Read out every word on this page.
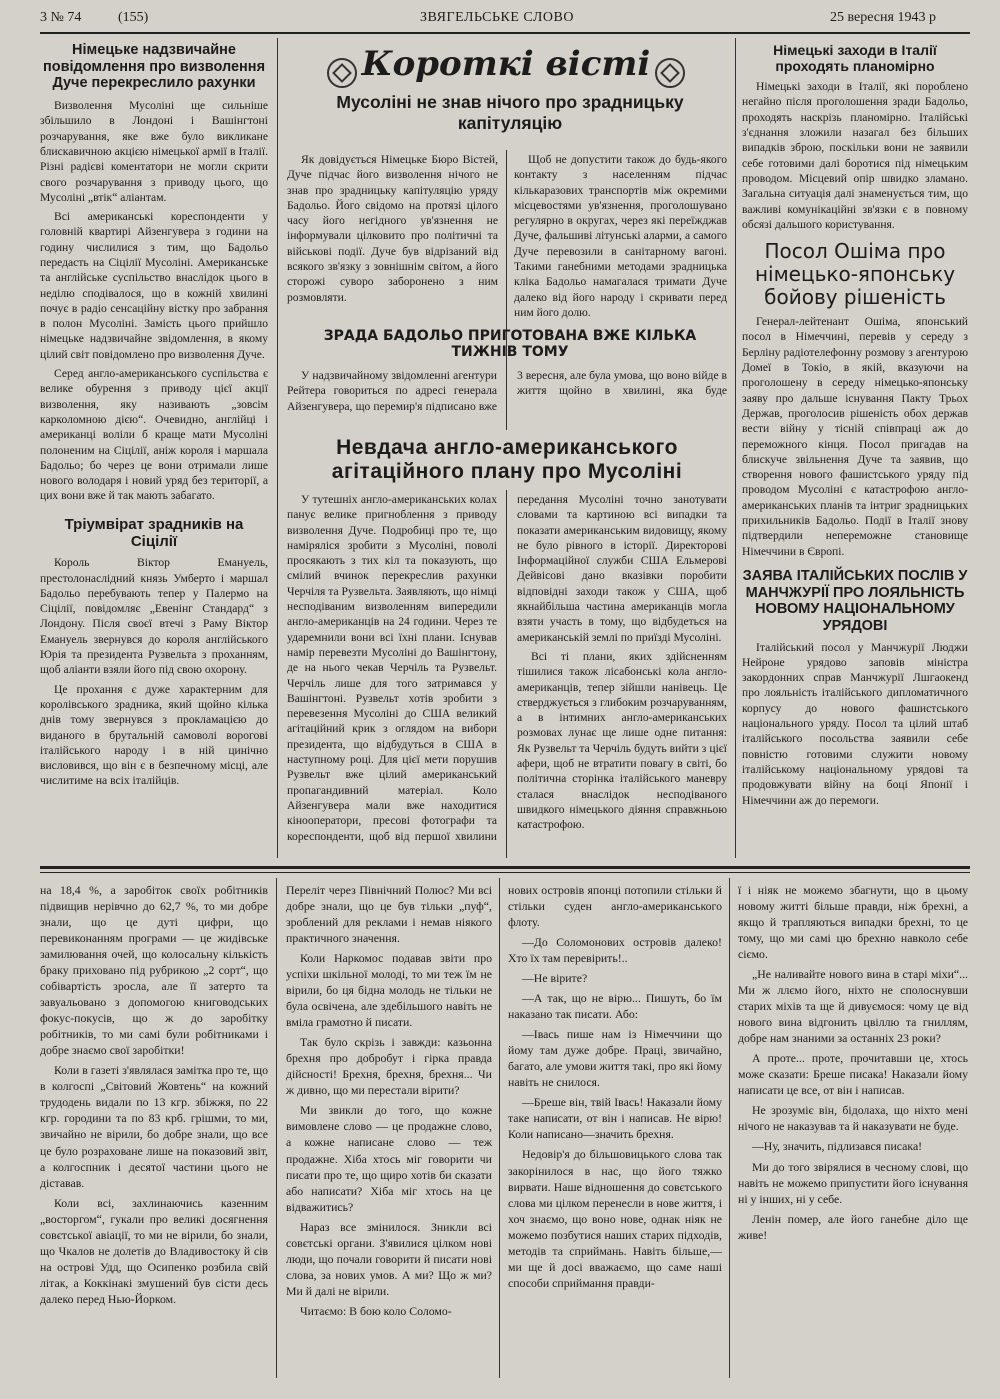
3 № 74	(155)	ЗВЯГЕЛЬСЬКЕ СЛОВО	25 вересня 1943 р
Німецьке надзвичайне повідомлення про визволення Дуче перекреслило рахунки

Визволення Мусоліні ще сильніше збільшило в Лондоні і Вашінгтоні розчарування, яке вже було викликане блискавичною акцією німецької армії в Італії. Різні радієві коментатори не могли скрити свого розчарування з приводу цього, що Мусоліні „втік“ аліантам.

Всі американські кореспонденти у головній квартирі Айзенгувера з години на годину числилися з тим, що Бадольо передасть на Сіцілії Мусоліні. Американське та англійське суспільство внаслідок цього в неділю сподівалося, що в кожній хвилині почує в радіо сенсаційну вістку про забрання в полон Мусоліні. Замість цього прийшло німецьке надзвичайне звідомлення, в якому цілий світ повідомлено про визволення Дуче.

Серед англо-американського суспільства є велике обурення з приводу цієї акції визволення, яку називають „зовсім карколомною дією“. Очевидно, англійці і американці воліли б краще мати Мусоліні полоненим на Сіцілії, аніж короля і маршала Бадольо; бо через це вони отримали лише нового володаря і новий уряд без території, а цих вони вже й так мають забагато.

Тріумвірат зрадників на Сіцілії

Король Віктор Емануель, престолонаслідний князь Умберто і маршал Бадольо перебувають тепер у Палермо на Сіцілії, повідомляє „Евенінг Стандард“ з Лондону. Після своєї втечі з Раму Віктор Емануель звернувся до короля англійського Юрія та президента Рузвельта з проханням, щоб аліанти взяли його під свою охорону.

Це прохання є дуже характерним для королівського зрадника, який щойно кілька днів тому звернувся з прокламацією до виданого в брутальній самоволі ворогові італійського народу і в ній цинічно висловився, що він є в безпечному місці, але числитиме на всіх італійців.

Короткі вісті
Мусоліні не знав нічого про зрадницьку капітуляцію

Як довідується Німецьке Бюро Вістей, Дуче підчас його визволення нічого не знав про зрадницьку капітуляцію уряду Бадольо. Його свідомо на протязі цілого часу його негідного ув'язнення не інформували цілковито про політичні та військові події. Дуче був відрізаний від всякого зв'язку з зовнішнім світом, а його сторожі суворо заборонено з ним розмовляти.

Щоб не допустити також до будь-якого контакту з населенням підчас кількаразових транспортів між окремими місцевостями ув'язнення, проголошувано регулярно в округах, через які переїжджав Дуче, фальшиві літунські аларми, а самого Дуче перевозили в санітарному вагоні. Такими ганебними методами зрадницька кліка Бадольо намагалася тримати Дуче далеко від його народу і скривати перед ним його долю.

ЗРАДА БАДОЛЬО ПРИГОТОВАНА ВЖЕ КІЛЬКА ТИЖНІВ ТОМУ

У надзвичайному звідомленні агентури Рейтера говориться по адресі генерала Айзенгувера, що перемир'я підписано вже 3 вересня, але була умова, що воно війде в життя щойно в хвилині, яка буде

Невдача англо-американського агітаційного плану про Мусоліні

У тутешніх англо-американських колах панує велике пригноблення з приводу визволення Дуче. Подробиці про те, що наміряліся зробити з Мусоліні, поволі просякають з тих кіл та показують, що смілий вчинок перекреслив рахунки Черчіля та Рузвельта. Заявляють, що німці несподіваним визволенням випередили англо-американців на 24 години. Через те ударемнили вони всі їхні плани. Існував намір перевезти Мусоліні до Вашінгтону, де на нього чекав Черчіль та Рузвельт. Черчіль лише для того затримався у Вашінгтоні. Рузвельт хотів зробити з перевезення Мусоліні до США великий агітаційний крик з оглядом на вибори президента, що відбудуться в США в наступному році. Для цієї мети порушив Рузвельт вже цілий американський пропагандивний матеріал. Коло Айзенгувера мали вже находитися кінооператори, пресові фотографи та кореспонденти, щоб від першої хвилини передання Мусоліні точно занотувати словами та картиною всі випадки та показати американським видовищу, якому не було рівного в історії. Директорові Інформаційної служби США Ельмерові Дейвісові дано вказівки поробити відповідні заходи також у США, щоб якнайбільша частина американців могла взяти участь в тому, що відбудеться на американській землі по приїзді Мусоліні.

Всі ті плани, яких здійсненням тішилися також лісабонські кола англо-американців, тепер зійшли нанівець. Це стверджується з глибоким розчаруванням, а в інтимних англо-американських розмовах лунає ще лише одне питання: Як Рузвельт та Черчіль будуть вийти з цієї афери, щоб не втратити повагу в світі, бо політична сторінка італійського маневру сталася внаслідок несподіваного швидкого німецького діяння справжньою катастрофою.

Німецькі заходи в Італії проходять планомірно

Німецькі заходи в Італії, які пороблено негайно після проголошення зради Бадольо, проходять наскрізь планомірно. Італійські з'єднання зложили назагал без більших випадків зброю, поскільки вони не заявили себе готовими далі боротися під німецьким проводом. Місцевий опір швидко зламано. Загальна ситуація далі знаменується тим, що важливі комунікаційні зв'язки є в повному обсязі дальшого користування.

Посол Ошіма про німецько-японську бойову рішеність

Генерал-лейтенант Ошіма, японський посол в Німеччині, перевів у середу з Берліну радіотелефонну розмову з агентурою Домеї в Токіо, в якій, вказуючи на проголошену в середу німецько-японську заяву про дальше існування Пакту Трьох Держав, проголосив рішеність обох держав вести війну у тісній співпраці аж до переможного кінця. Посол пригадав на блискуче звільнення Дуче та заявив, що створення нового фашистського уряду під проводом Мусоліні є катастрофою англо-американських планів та інтриг зрадницьких прихильників Бадольо. Події в Італії знову підтвердили непереможне становище Німеччини в Європі.

ЗАЯВА ІТАЛІЙСЬКИХ ПОСЛІВ У МАНЧЖУРІЇ ПРО ЛОЯЛЬНІСТЬ НОВОМУ НАЦІОНАЛЬНОМУ УРЯДОВІ

Італійський посол у Манчжурії Люджи Нейроне урядово заповів міністра закордонних справ Манчжурії Лшгаокенд про лояльність італійського дипломатичного корпусу до нового фашистського національного уряду. Посол та цілий штаб італійського посольства заявили себе повністю готовими служити новому італійському національному урядові та продовжувати війну на боці Японії і Німеччини аж до перемоги.

на 18,4 %, а заробіток своїх робітників підвищив нерівчно до 62,7 %, то ми добре знали, що це дуті цифри, що перевиконанням програми — це жидівське замилювання очей, що колосальну кількість браку приховано під рубрикою „2 сорт“, що собівартість зросла, але її затерто та завуальовано з допомогою книговодських фокус-покусів, що ж до заробітку робітників, то ми самі були робітниками і добре знаємо свої заробітки!

Коли в газеті з'являлася замітка про те, що в колгоспі „Світовий Жовтень“ на кожний трудодень видали по 13 кгр. збіжжя, по 22 кгр. городини та по 83 крб. грішми, то ми, звичайно не вірили, бо добре знали, що все це було розраховане лише на показовий звіт, а колгоспник і десятої частини цього не діставав.

Коли всі, захлинаючись казенним „восторгом“, гукали про великі досягнення совєтської авіації, то ми не вірили, бо знали, що Чкалов не долетів до Владивостоку й сів на острові Удд, що Осипенко розбила свій літак, а Коккінакі змушений був сісти десь далеко перед Нью-Йорком.

Переліт через Північний Полюс? Ми всі добре знали, що це був тільки „пуф“, зроблений для реклами і немав ніякого практичного значення.

Коли Наркомос подавав звіти про успіхи шкільної молоді, то ми теж їм не вірили, бо ця бідна молодь не тільки не була освічена, але здебільшого навіть не вміла грамотно й писати.

Так було скрізь і завжди: казьонна брехня про добробут і гірка правда дійсності! Брехня, брехня, брехня... Чи ж дивно, що ми перестали вірити?

Ми звикли до того, що кожне вимовлене слово — це продажне слово, а кожне написане слово — теж продажне. Хіба хтось міг говорити чи писати про те, що щиро хотів би сказати або написати? Хіба міг хтось на це відважитись?

Нараз все змінилося. Зникли всі совєтські органи. З'явилися цілком нові люди, що почали говорити й писати нові слова, за нових умов. А ми? Що ж ми? Ми й далі не вірили.

Читаємо: В бою коло Соломо-

нових островів японці потопили стільки й стільки суден англо-американського флоту.

—До Соломонових островів далеко! Хто їх там перевірить!..

—Не вірите?

—А так, що не вірю... Пишуть, бо їм наказано так писати. Або:

—Івась пише нам із Німеччини що йому там дуже добре. Праці, звичайно, багато, але умови життя такі, про які йому навіть не снилося.

—Бреше він, твій Івась! Наказали йому таке написати, от він і написав. Не вірю! Коли написано—значить брехня.

Недовір'я до більшовицького слова так закорінилося в нас, що його тяжко вирвати. Наше відношення до совєтського слова ми цілком перенесли в нове життя, і хоч знаємо, що воно нове, однак ніяк не можемо позбутися наших старих підходів, методів та сприймань. Навіть більше,—ми ще й досі вважаємо, що саме наші способи сприймання правди-

ї і ніяк не можемо збагнути, що в цьому новому житті більше правди, ніж брехні, а якщо й трапляються випадки брехні, то це тому, що ми самі цю брехню навколо себе сіємо.

„Не наливайте нового вина в старі міхи“... Ми ж ллємо його, ніхто не сполоснувши старих міхів та ще й дивуємося: чому це від нового вина відгонить цвіллю та гниллям, добре нам знаними за останніх 23 роки?

А проте... проте, прочитавши це, хтось може сказати: Бреше писака! Наказали йому написати це все, от він і написав.

Не зрозуміє він, бідолаха, що ніхто мені нічого не наказував та й наказувати не буде.

—Ну, значить, підлизався писака!

Ми до того звірялися в чесному слові, що навіть не можемо припустити його існування ні у інших, ні у себе.

Ленін помер, але його ганебне діло ще живе!
